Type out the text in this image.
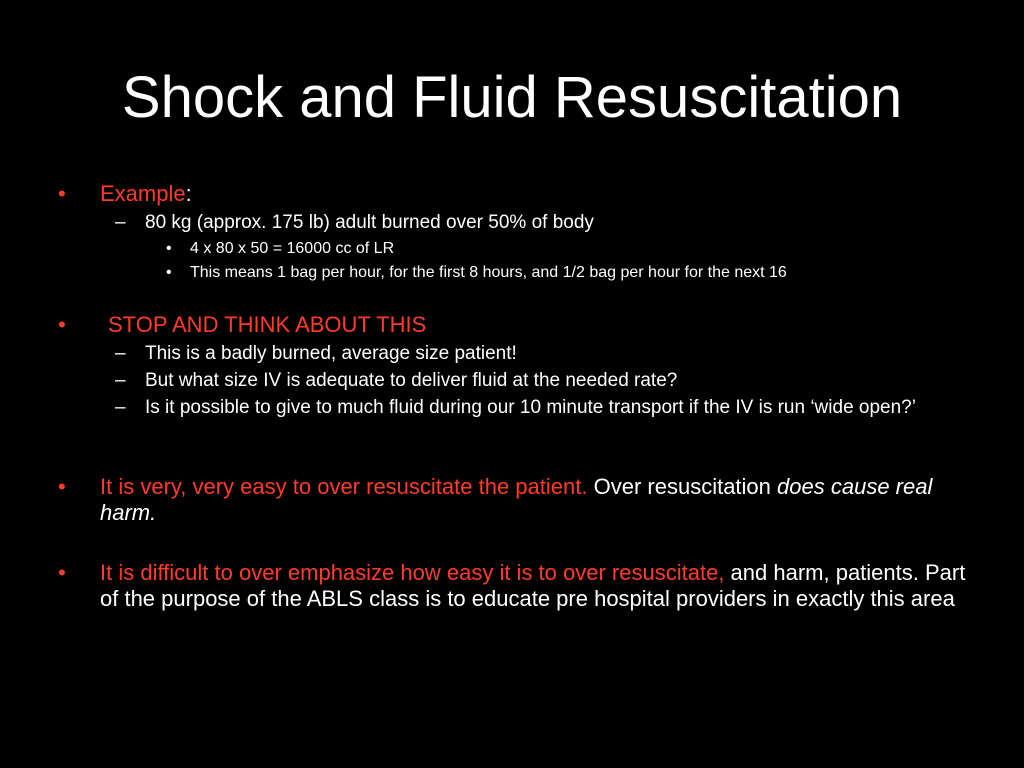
Shock and Fluid Resuscitation
• Example:
– 80 kg (approx. 175 lb) adult burned over 50% of body
• 4 x 80 x 50 = 16000 cc of LR
• This means 1 bag per hour, for the first 8 hours, and 1/2 bag per hour for the next 16
• STOP AND THINK ABOUT THIS
– This is a badly burned, average size patient!
– But what size IV is adequate to deliver fluid at the needed rate?
– Is it possible to give to much fluid during our 10 minute transport if the IV is run ‘wide open?’
• It is very, very easy to over resuscitate the patient. Over resuscitation does cause real harm.
• It is difficult to over emphasize how easy it is to over resuscitate, and harm, patients. Part of the purpose of the ABLS class is to educate pre hospital providers in exactly this area
